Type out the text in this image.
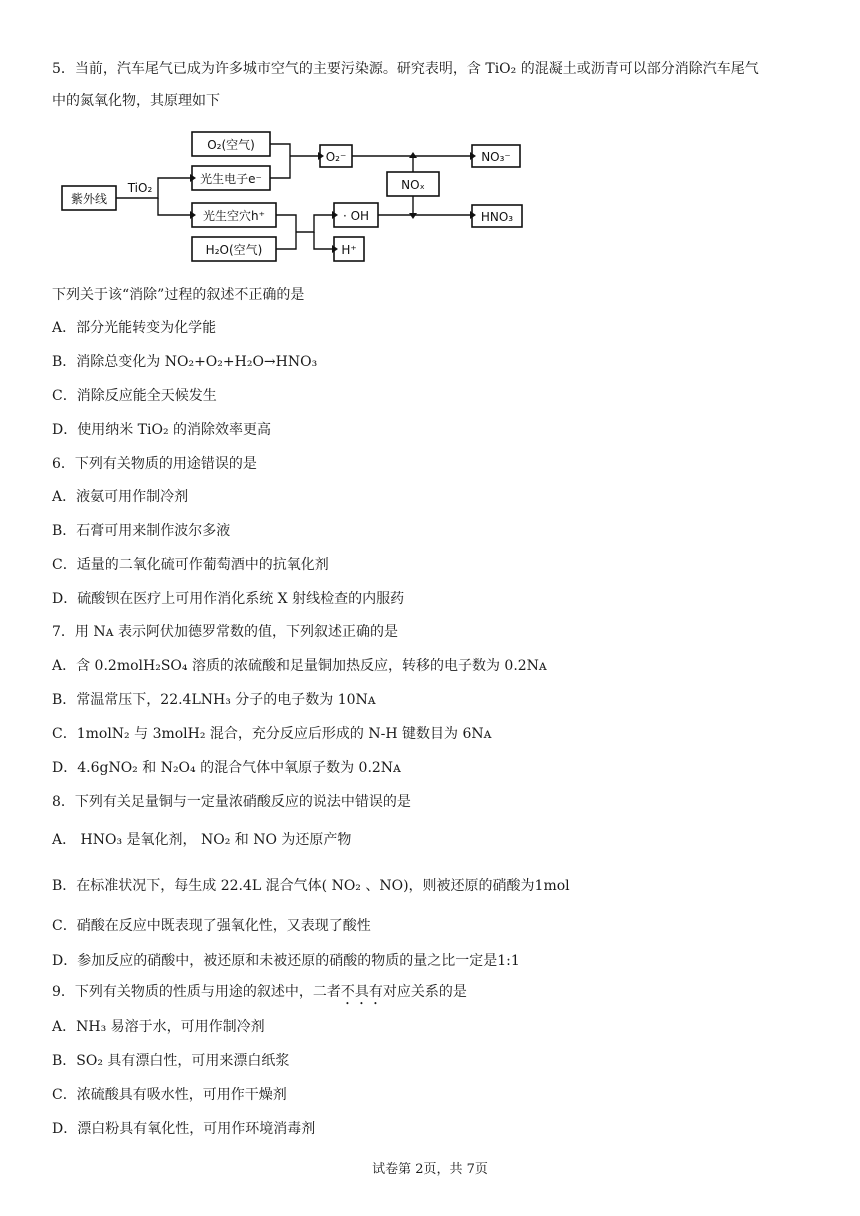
5．当前，汽车尾气已成为许多城市空气的主要污染源。研究表明，含 TiO₂ 的混凝土或沥青可以部分消除汽车尾气
中的氮氧化物，其原理如下
紫外线
O₂(空气)
光生电子e⁻
光生空穴h⁺
H₂O(空气)
O₂⁻
NOₓ
· OH
H⁺
NO₃⁻
HNO₃
TiO₂
下列关于该“消除”过程的叙述不正确的是
A．部分光能转变为化学能
B．消除总变化为 NO₂+O₂+H₂O→HNO₃
C．消除反应能全天候发生
D．使用纳米 TiO₂ 的消除效率更高
6．下列有关物质的用途错误的是
A．液氨可用作制冷剂
B．石膏可用来制作波尔多液
C．适量的二氧化硫可作葡萄酒中的抗氧化剂
D．硫酸钡在医疗上可用作消化系统 X 射线检查的内服药
7．用 Nᴀ 表示阿伏加德罗常数的值，下列叙述正确的是
A．含 0.2molH₂SO₄ 溶质的浓硫酸和足量铜加热反应，转移的电子数为 0.2Nᴀ
B．常温常压下，22.4LNH₃ 分子的电子数为 10Nᴀ
C．1molN₂ 与 3molH₂ 混合，充分反应后形成的 N-H 键数目为 6Nᴀ
D．4.6gNO₂ 和 N₂O₄ 的混合气体中氧原子数为 0.2Nᴀ
8．下列有关足量铜与一定量浓硝酸反应的说法中错误的是
A． HNO₃ 是氧化剂， NO₂ 和 NO 为还原产物
B．在标准状况下，每生成 22.4L 混合气体( NO₂ 、NO)，则被还原的硝酸为1mol
C．硝酸在反应中既表现了强氧化性，又表现了酸性
D．参加反应的硝酸中，被还原和未被还原的硝酸的物质的量之比一定是1:1
9．下列有关物质的性质与用途的叙述中，二者不具有对应关系的是
A．NH₃ 易溶于水，可用作制冷剂
B．SO₂ 具有漂白性，可用来漂白纸浆
C．浓硫酸具有吸水性，可用作干燥剂
D．漂白粉具有氧化性，可用作环境消毒剂
试卷第 2页，共 7页
